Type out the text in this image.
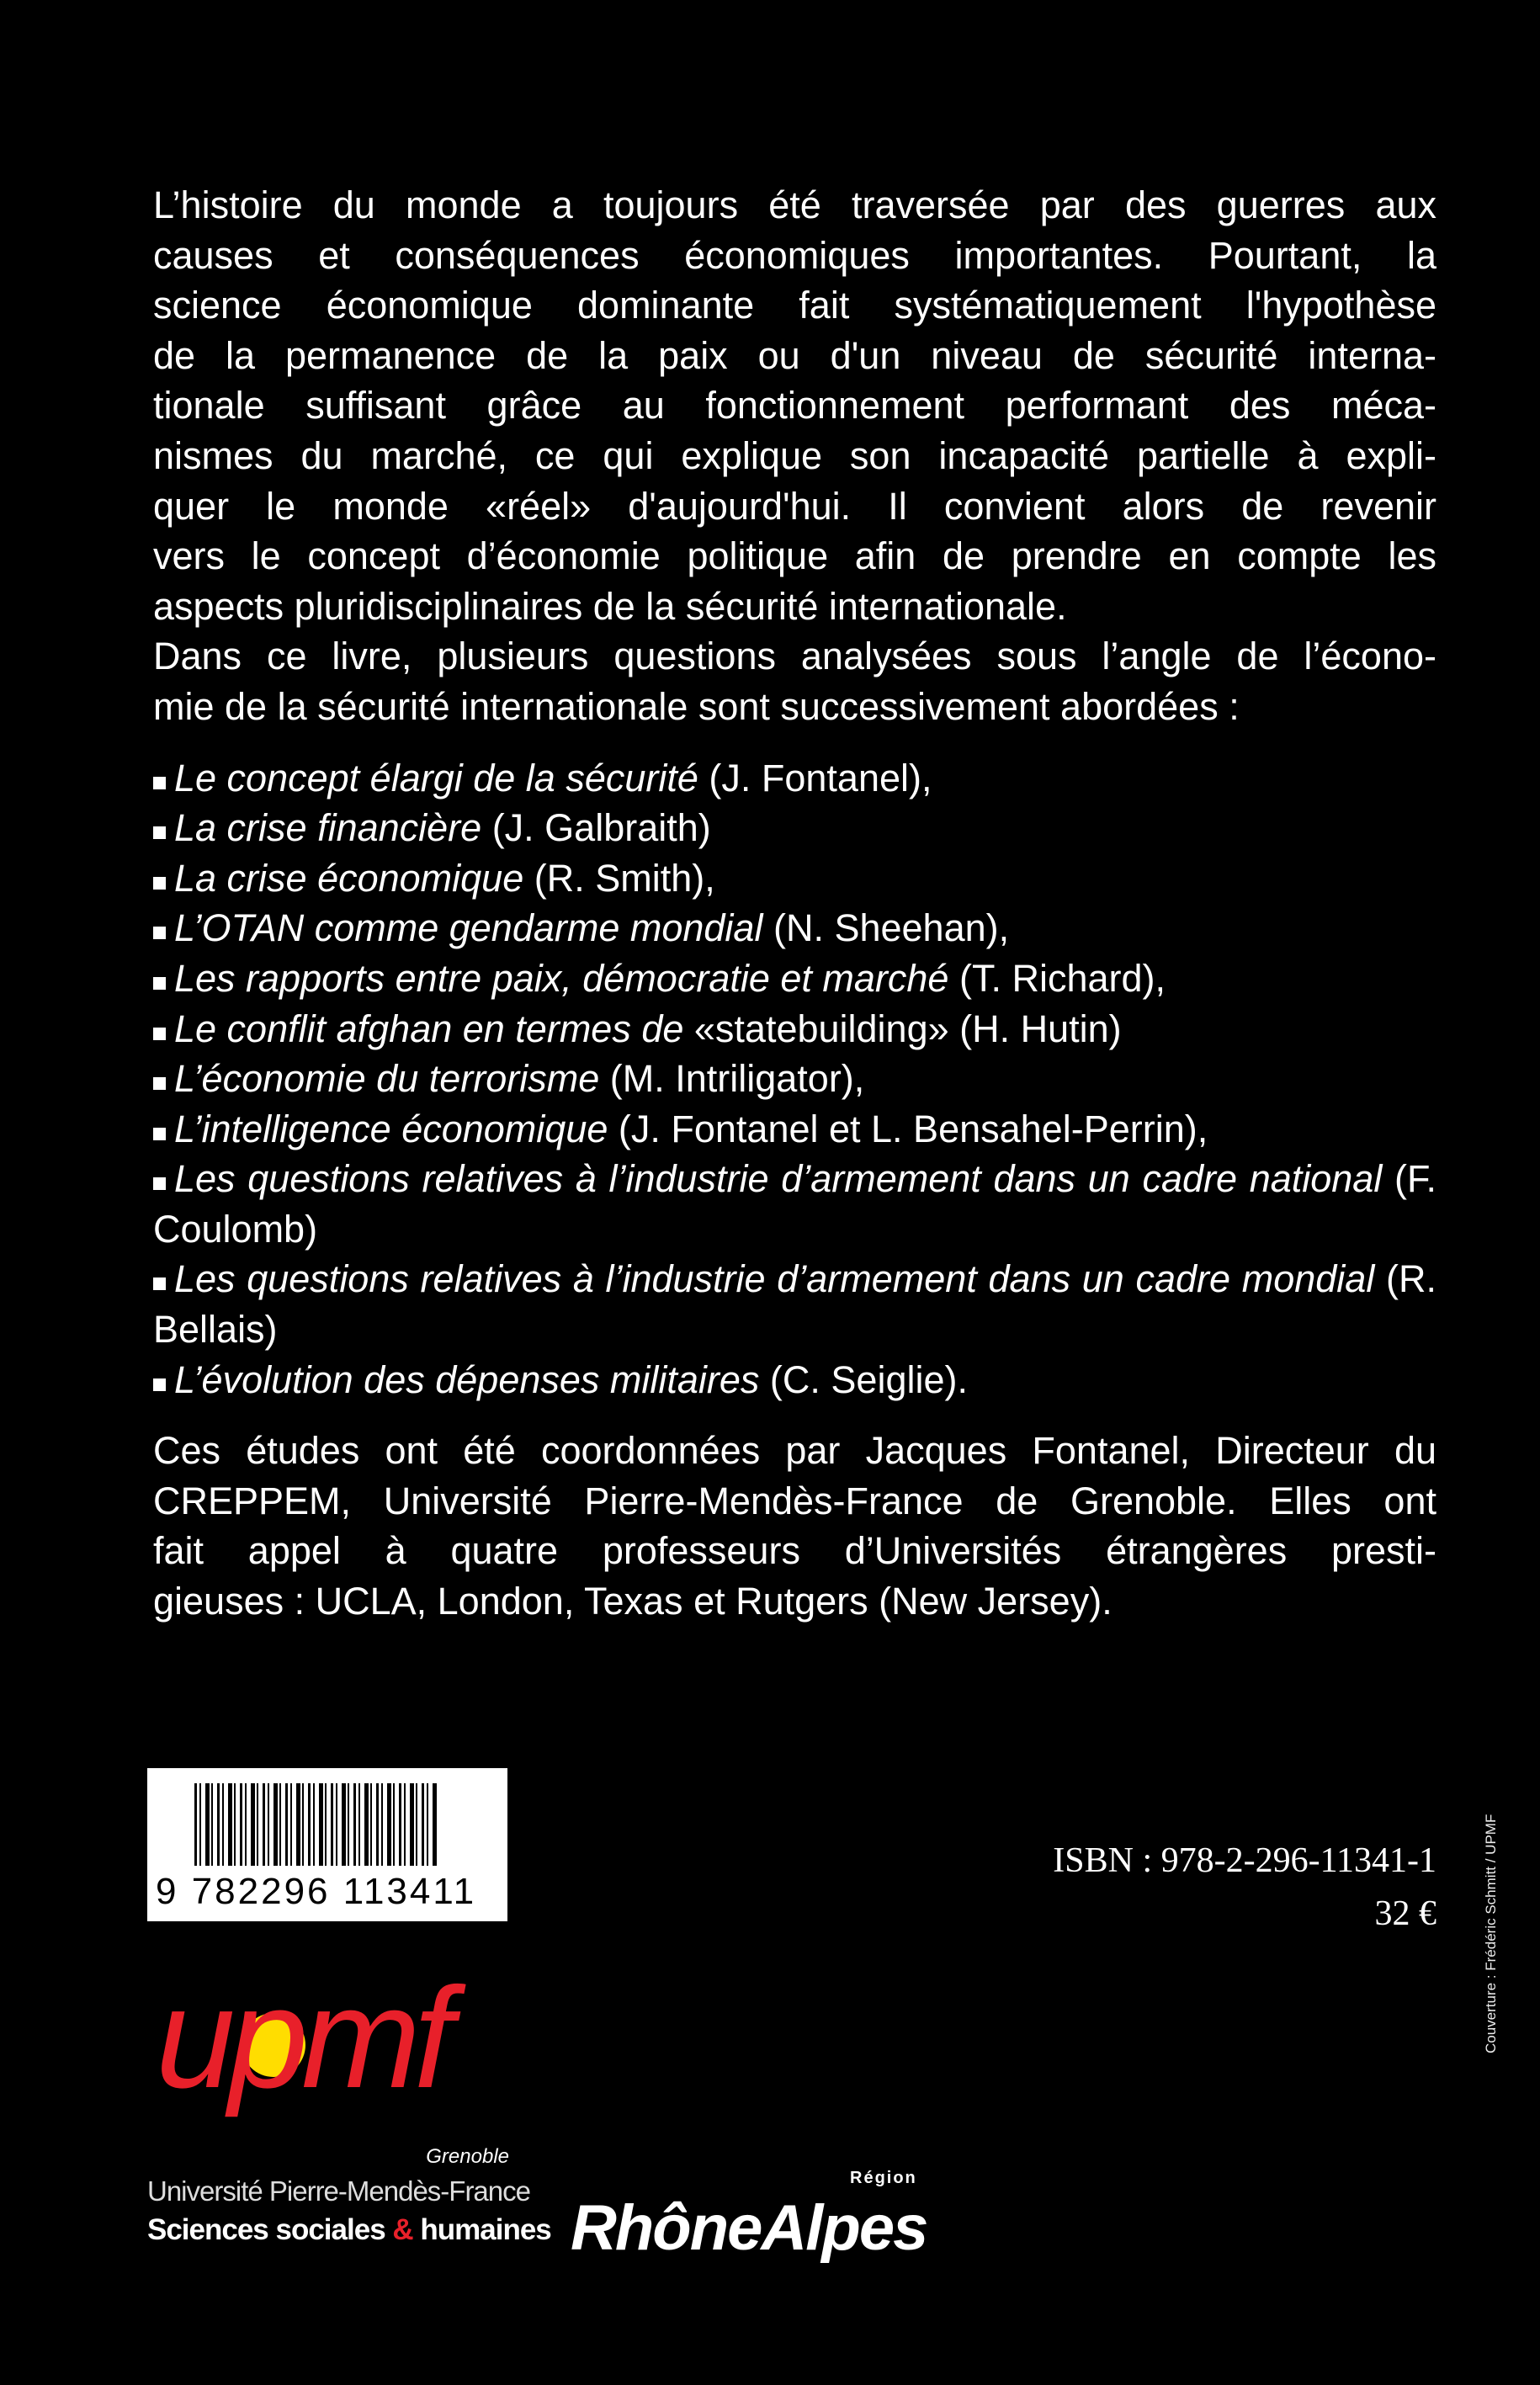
L’histoire du monde a toujours été traversée par des guerres aux
causes et conséquences économiques importantes. Pourtant, la
science économique dominante fait systématiquement l'hypothèse
de la permanence de la paix ou d'un niveau de sécurité interna-
tionale suffisant grâce au fonctionnement performant des méca-
nismes du marché, ce qui explique son incapacité partielle à expli-
quer le monde «réel» d'aujourd'hui. Il convient alors de revenir
vers le concept d’économie politique afin de prendre en compte les
aspects pluridisciplinaires de la sécurité internationale.
Dans ce livre, plusieurs questions analysées sous l’angle de l’écono-
mie de la sécurité internationale sont successivement abordées :
Le concept élargi de la sécurité (J. Fontanel),
La crise financière (J. Galbraith)
La crise économique (R. Smith),
L’OTAN comme gendarme mondial (N. Sheehan),
Les rapports entre paix, démocratie et marché (T. Richard),
Le conflit afghan en termes de «statebuilding» (H. Hutin)
L’économie du terrorisme (M. Intriligator),
L’intelligence économique (J. Fontanel et L. Bensahel-Perrin),
Les questions relatives à l’industrie d’armement dans un cadre national (F. Coulomb)
Les questions relatives à l’industrie d’armement dans un cadre mondial (R. Bellais)
L’évolution des dépenses militaires (C. Seiglie).
Ces études ont été coordonnées par Jacques Fontanel, Directeur du
CREPPEM, Université Pierre-Mendès-France de Grenoble. Elles ont
fait appel à quatre professeurs d’Universités étrangères presti-
gieuses : UCLA, London, Texas et Rutgers (New Jersey).
9 782296 113411
ISBN : 978-2-296-11341-1
32 €	Couverture : Frédéric Schmitt / UPMF
upmf
Grenoble
Université Pierre-Mendès-France
Sciences sociales & humaines
Région
RhôneAlpes
